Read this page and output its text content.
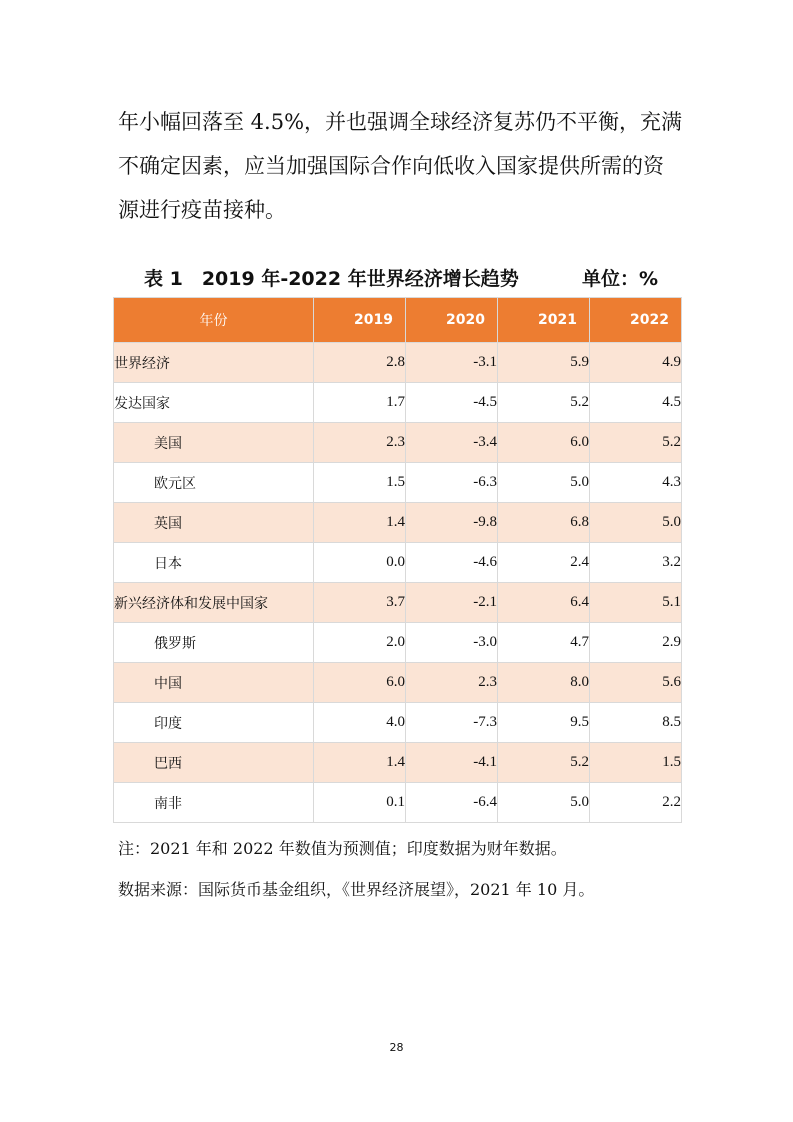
年小幅回落至 4.5%，并也强调全球经济复苏仍不平衡，充满
不确定因素，应当加强国际合作向低收入国家提供所需的资
源进行疫苗接种。

表 1　2019 年-2022 年世界经济增长趋势	单位：%
年份	2019	2020	2021	2022
世界经济	2.8	-3.1	5.9	4.9
发达国家	1.7	-4.5	5.2	4.5
美国	2.3	-3.4	6.0	5.2
欧元区	1.5	-6.3	5.0	4.3
英国	1.4	-9.8	6.8	5.0
日本	0.0	-4.6	2.4	3.2
新兴经济体和发展中国家	3.7	-2.1	6.4	5.1
俄罗斯	2.0	-3.0	4.7	2.9
中国	6.0	2.3	8.0	5.6
印度	4.0	-7.3	9.5	8.5
巴西	1.4	-4.1	5.2	1.5
南非	0.1	-6.4	5.0	2.2
注：2021 年和 2022 年数值为预测值；印度数据为财年数据。
数据来源：国际货币基金组织，《世界经济展望》，2021 年 10 月。
28
